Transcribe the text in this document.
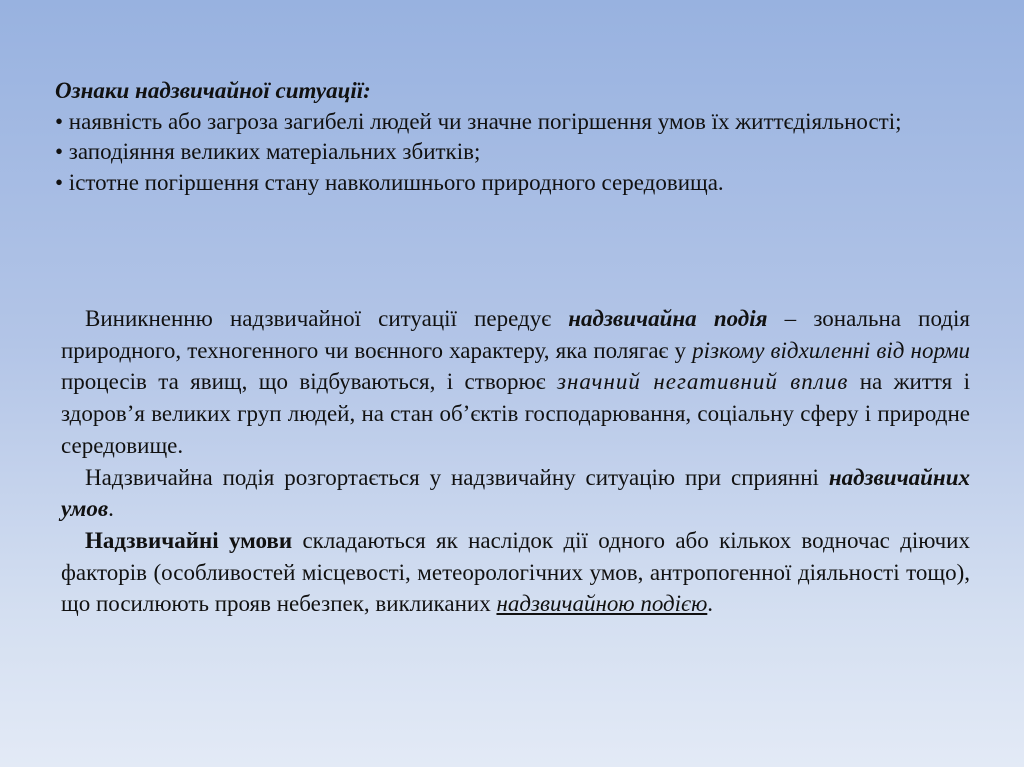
Ознаки надзвичайної ситуації:

• наявність або загроза загибелі людей чи значне погіршення умов їх життєдіяльності;

• заподіяння великих матеріальних збитків;

• істотне погіршення стану навколишнього природного середовища.

Виникненню надзвичайної ситуації передує надзвичайна подія – зональна подія природного, техногенного чи воєнного характеру, яка полягає у різкому відхиленні від норми процесів та явищ, що відбуваються, і створює значний негативний вплив на життя і здоров’я великих груп людей, на стан об’єктів господарювання, соціальну сферу і природне середовище.

Надзвичайна подія розгортається у надзвичайну ситуацію при сприянні надзвичайних умов.

Надзвичайні умови складаються як наслідок дії одного або кількох водночас діючих факторів (особливостей місцевості, метеорологічних умов, антропогенної діяльності тощо), що посилюють прояв небезпек, викликаних надзвичайною подією.
